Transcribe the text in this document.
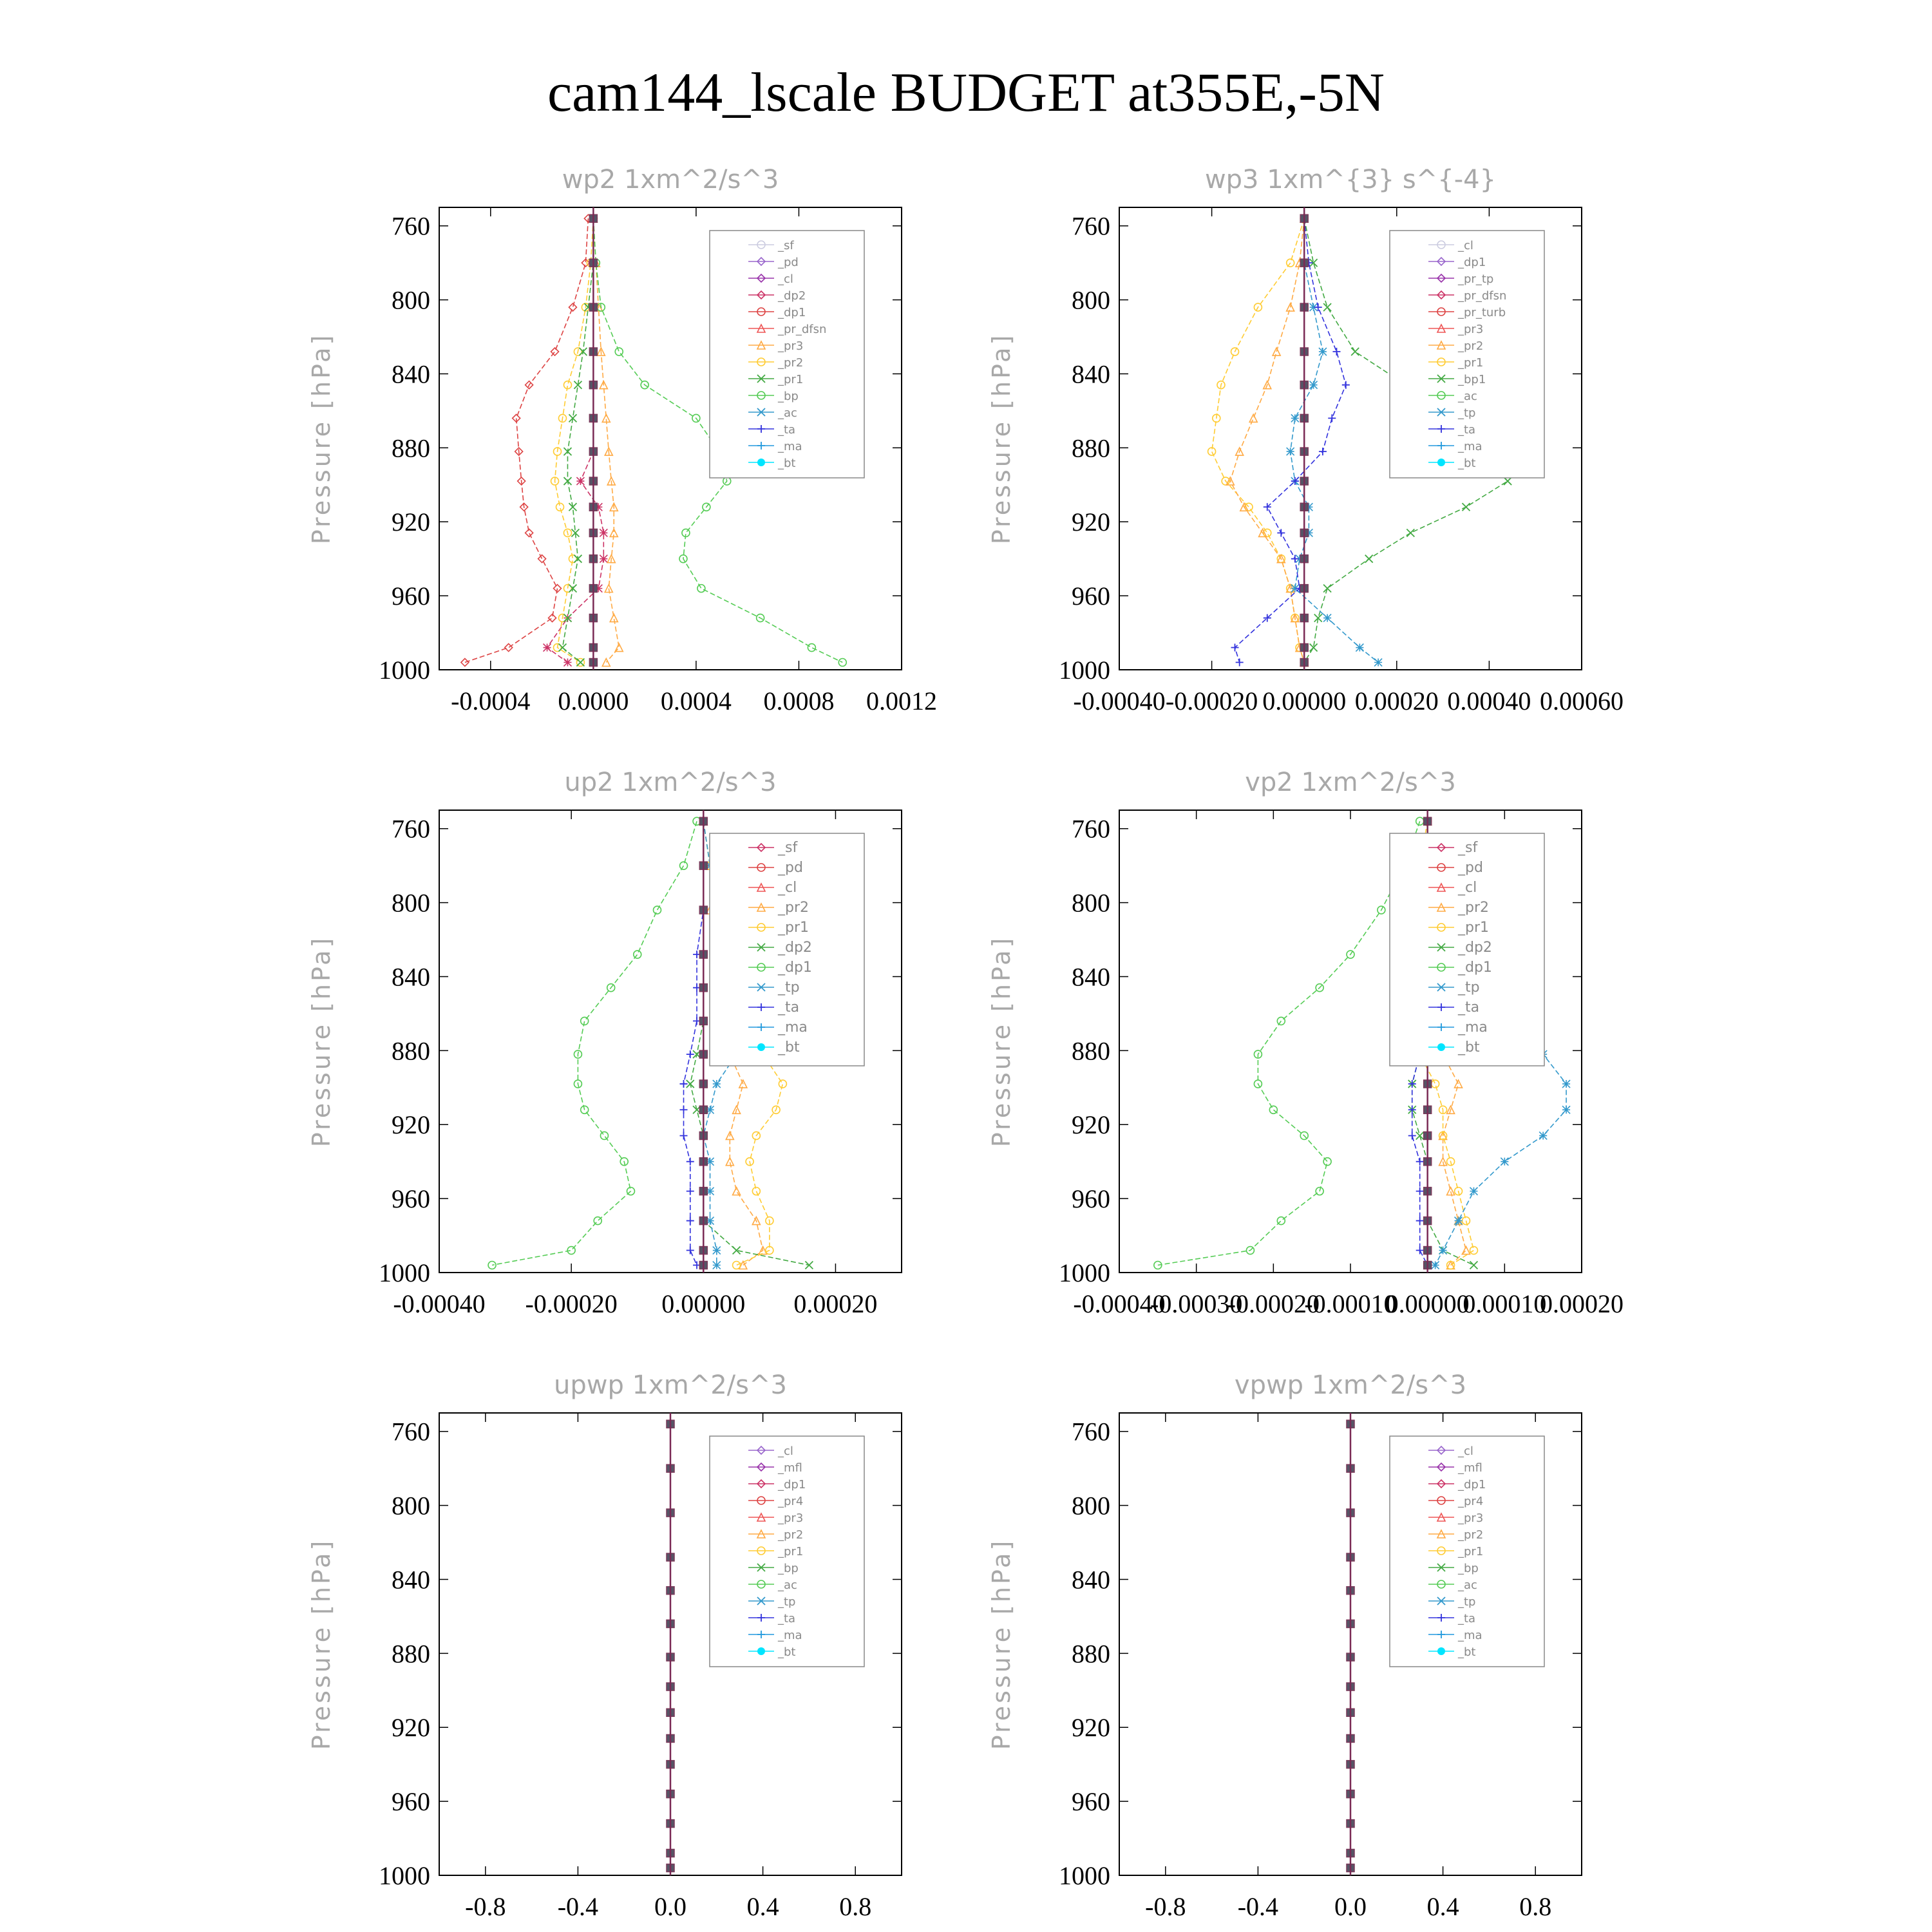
cam144_lscale BUDGET at355E,-5N
wp2 1xm^2/s^3
760
800
840
880
920
960
1000
-0.0004 0.0000 0.0004 0.0008 0.0012
Pressure [hPa]
_sf
_pd
_cl
_dp2
_dp1
_pr_dfsn
_pr3
_pr2
_pr1
_bp
_ac
_ta
_ma
_bt
wp3 1xm^{3} s^{-4}
760
800
840
880
920
960
1000
-0.00040 -0.00020 0.00000 0.00020 0.00040 0.00060
Pressure [hPa]
_cl
_dp1
_pr_tp
_pr_dfsn
_pr_turb
_pr3
_pr2
_pr1
_bp1
_ac
_tp
_ta
_ma
_bt
up2 1xm^2/s^3
760
800
840
880
920
960
1000
-0.00040 -0.00020 0.00000 0.00020
Pressure [hPa]
_sf
_pd
_cl
_pr2
_pr1
_dp2
_dp1
_tp
_ta
_ma
_bt
vp2 1xm^2/s^3
760
800
840
880
920
960
1000
-0.00040
-0.00030
-0.00020
-0.00010
0.00000
0.00010
0.00020
Pressure [hPa]
_sf
_pd
_cl
_pr2
_pr1
_dp2
_dp1
_tp
_ta
_ma
_bt
upwp 1xm^2/s^3
760
800
840
880
920
960
1000
-0.8 -0.4 0.0 0.4 0.8
Pressure [hPa]
_cl
_mfl
_dp1
_pr4
_pr3
_pr2
_pr1
_bp
_ac
_tp
_ta
_ma
_bt
vpwp 1xm^2/s^3
760
800
840
880
920
960
1000
-0.8 -0.4 0.0 0.4 0.8
Pressure [hPa]
_cl
_mfl
_dp1
_pr4
_pr3
_pr2
_pr1
_bp
_ac
_tp
_ta
_ma
_bt
